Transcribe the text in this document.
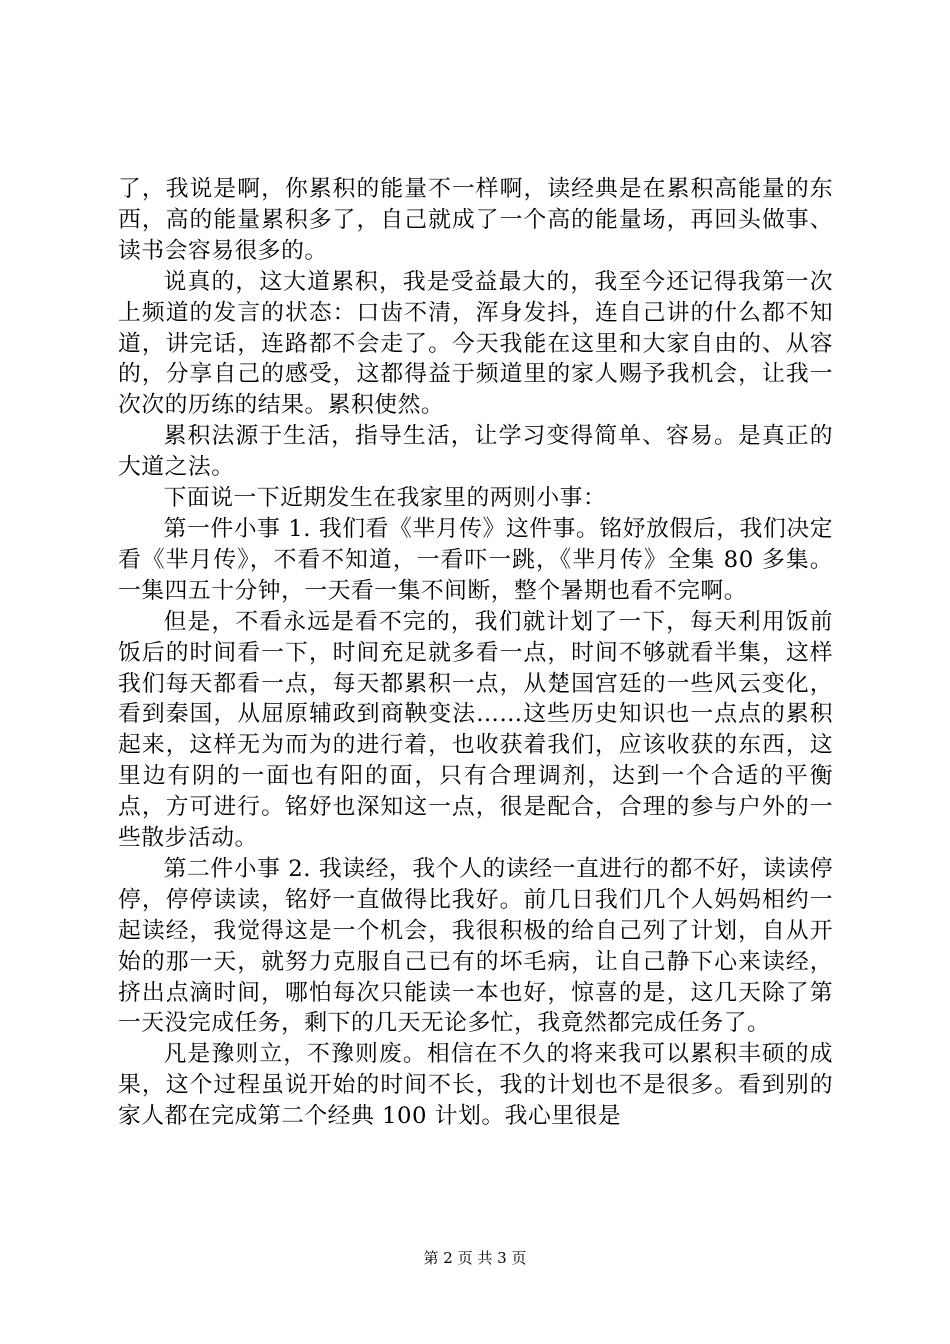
了，我说是啊，你累积的能量不一样啊，读经典是在累积高能量的东西，高的能量累积多了，自己就成了一个高的能量场，再回头做事、读书会容易很多的。

说真的，这大道累积，我是受益最大的，我至今还记得我第一次上频道的发言的状态：口齿不清，浑身发抖，连自己讲的什么都不知道，讲完话，连路都不会走了。今天我能在这里和大家自由的、从容的，分享自己的感受，这都得益于频道里的家人赐予我机会，让我一次次的历练的结果。累积使然。

累积法源于生活，指导生活，让学习变得简单、容易。是真正的大道之法。

下面说一下近期发生在我家里的两则小事：

第一件小事 1. 我们看《芈月传》这件事。铭妤放假后，我们决定看《芈月传》，不看不知道，一看吓一跳，《芈月传》全集 80 多集。一集四五十分钟，一天看一集不间断，整个暑期也看不完啊。

但是，不看永远是看不完的，我们就计划了一下，每天利用饭前饭后的时间看一下，时间充足就多看一点，时间不够就看半集，这样我们每天都看一点，每天都累积一点，从楚国宫廷的一些风云变化，看到秦国，从屈原辅政到商鞅变法……这些历史知识也一点点的累积起来，这样无为而为的进行着，也收获着我们，应该收获的东西，这里边有阴的一面也有阳的面，只有合理调剂，达到一个合适的平衡点，方可进行。铭妤也深知这一点，很是配合，合理的参与户外的一些散步活动。

第二件小事 2. 我读经，我个人的读经一直进行的都不好，读读停停，停停读读，铭妤一直做得比我好。前几日我们几个人妈妈相约一起读经，我觉得这是一个机会，我很积极的给自己列了计划，自从开始的那一天，就努力克服自己已有的坏毛病，让自己静下心来读经，挤出点滴时间，哪怕每次只能读一本也好，惊喜的是，这几天除了第一天没完成任务，剩下的几天无论多忙，我竟然都完成任务了。

凡是豫则立，不豫则废。相信在不久的将来我可以累积丰硕的成果，这个过程虽说开始的时间不长，我的计划也不是很多。看到别的家人都在完成第二个经典 100 计划。我心里很是

第 2 页 共 3 页
